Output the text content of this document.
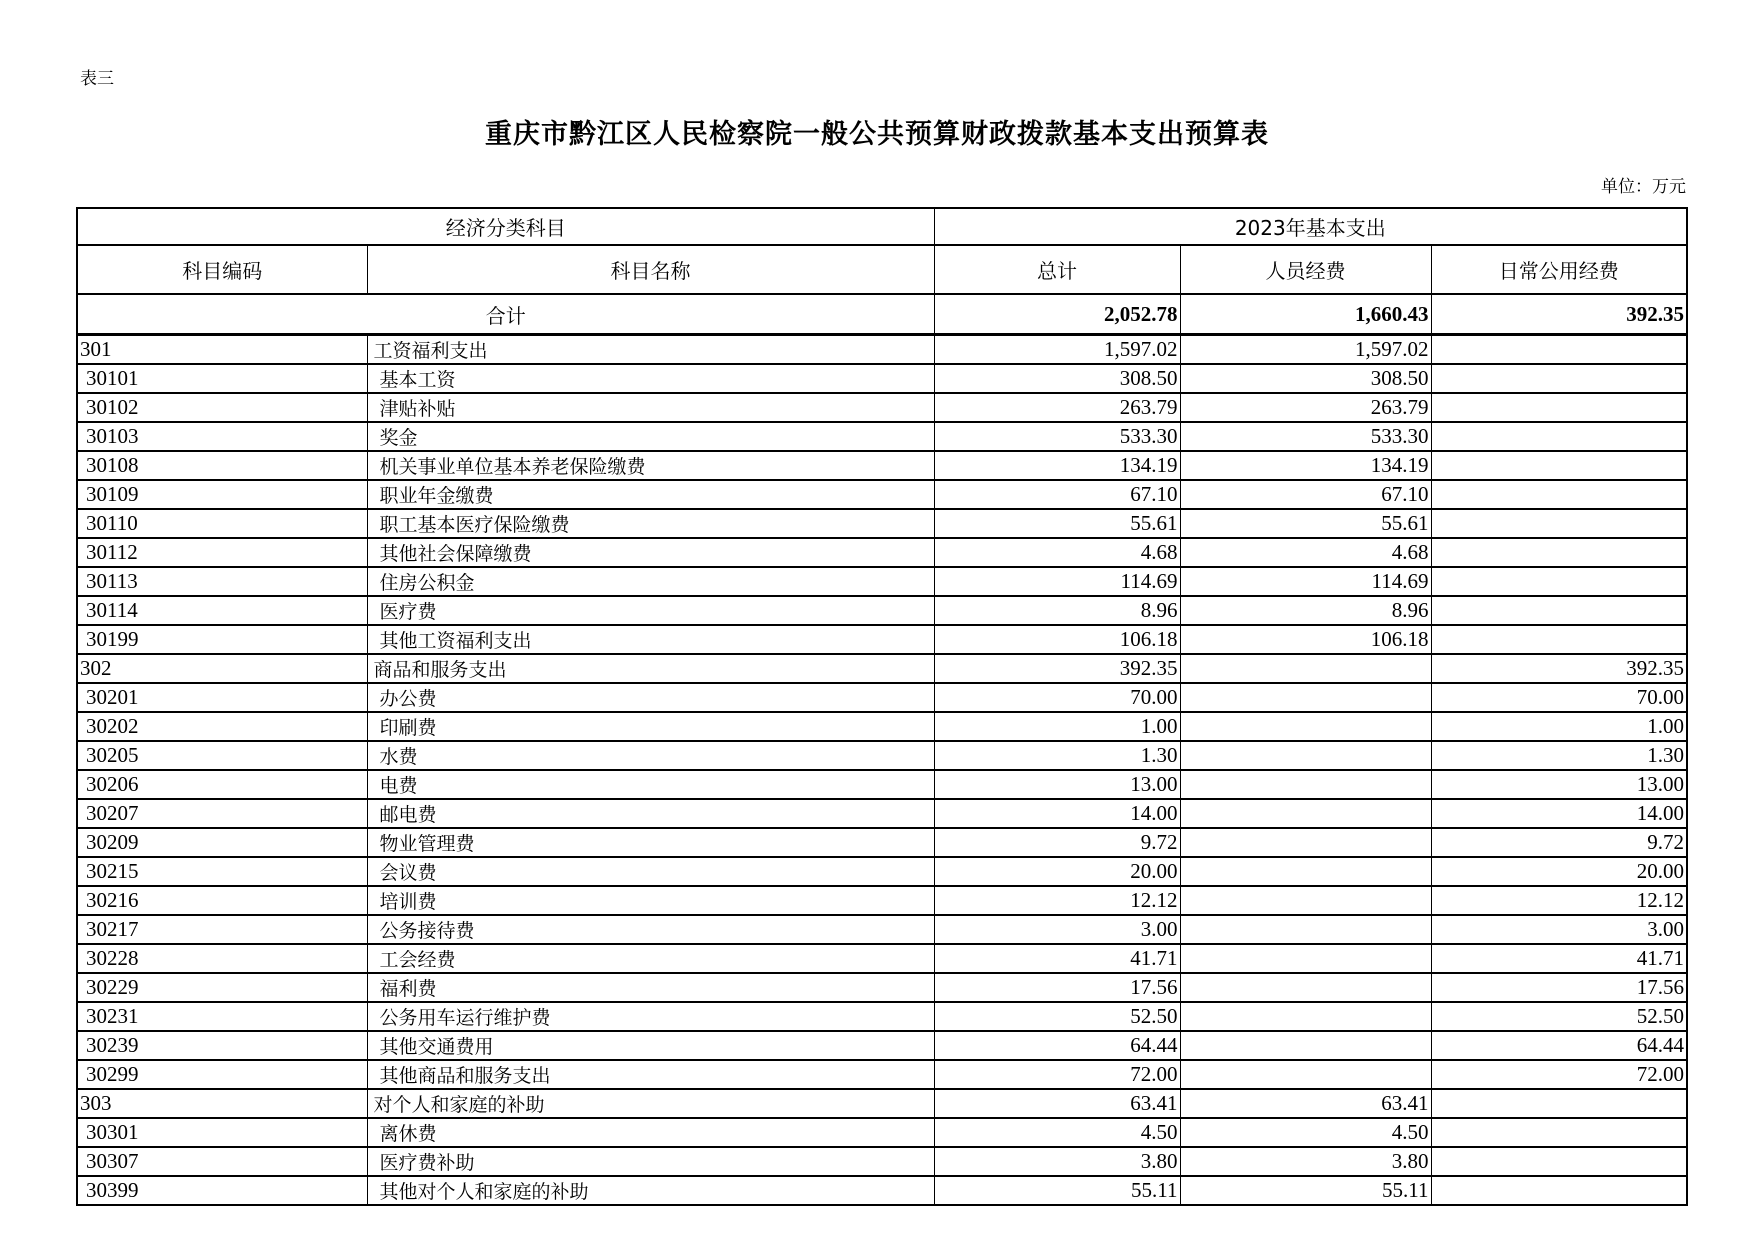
表三
重庆市黔江区人民检察院一般公共预算财政拨款基本支出预算表
单位：万元
经济分类科目		2023年基本支出		
科目编码	科目名称	总计	人员经费	日常公用经费
合计		2,052.78	1,660.43	392.35
301	工资福利支出	1,597.02	1,597.02	
30101	基本工资	308.50	308.50	
30102	津贴补贴	263.79	263.79	
30103	奖金	533.30	533.30	
30108	机关事业单位基本养老保险缴费	134.19	134.19	
30109	职业年金缴费	67.10	67.10	
30110	职工基本医疗保险缴费	55.61	55.61	
30112	其他社会保障缴费	4.68	4.68	
30113	住房公积金	114.69	114.69	
30114	医疗费	8.96	8.96	
30199	其他工资福利支出	106.18	106.18	
302	商品和服务支出	392.35		392.35
30201	办公费	70.00		70.00
30202	印刷费	1.00		1.00
30205	水费	1.30		1.30
30206	电费	13.00		13.00
30207	邮电费	14.00		14.00
30209	物业管理费	9.72		9.72
30215	会议费	20.00		20.00
30216	培训费	12.12		12.12
30217	公务接待费	3.00		3.00
30228	工会经费	41.71		41.71
30229	福利费	17.56		17.56
30231	公务用车运行维护费	52.50		52.50
30239	其他交通费用	64.44		64.44
30299	其他商品和服务支出	72.00		72.00
303	对个人和家庭的补助	63.41	63.41	
30301	离休费	4.50	4.50	
30307	医疗费补助	3.80	3.80	
30399	其他对个人和家庭的补助	55.11	55.11	
